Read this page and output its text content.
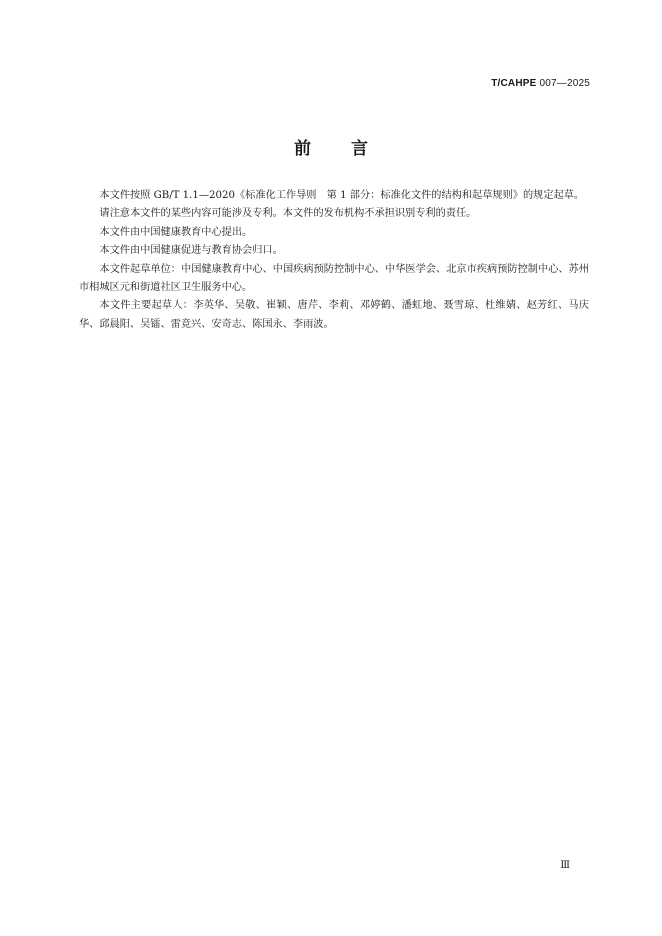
T/CAHPE 007—2025
前 言

本文件按照 GB/T 1.1—2020《标准化工作导则　第 1 部分：标准化文件的结构和起草规则》的规定起草。

请注意本文件的某些内容可能涉及专利。本文件的发布机构不承担识别专利的责任。

本文件由中国健康教育中心提出。

本文件由中国健康促进与教育协会归口。

本文件起草单位：中国健康教育中心、中国疾病预防控制中心、中华医学会、北京市疾病预防控制中心、苏州市相城区元和街道社区卫生服务中心。

本文件主要起草人：李英华、吴敬、崔颖、唐芹、李莉、邓婷鹤、潘虹地、聂雪琼、杜维婧、赵芳红、马庆华、邱晨阳、吴镭、雷竞兴、安奇志、陈国永、李雨波。

Ⅲ
